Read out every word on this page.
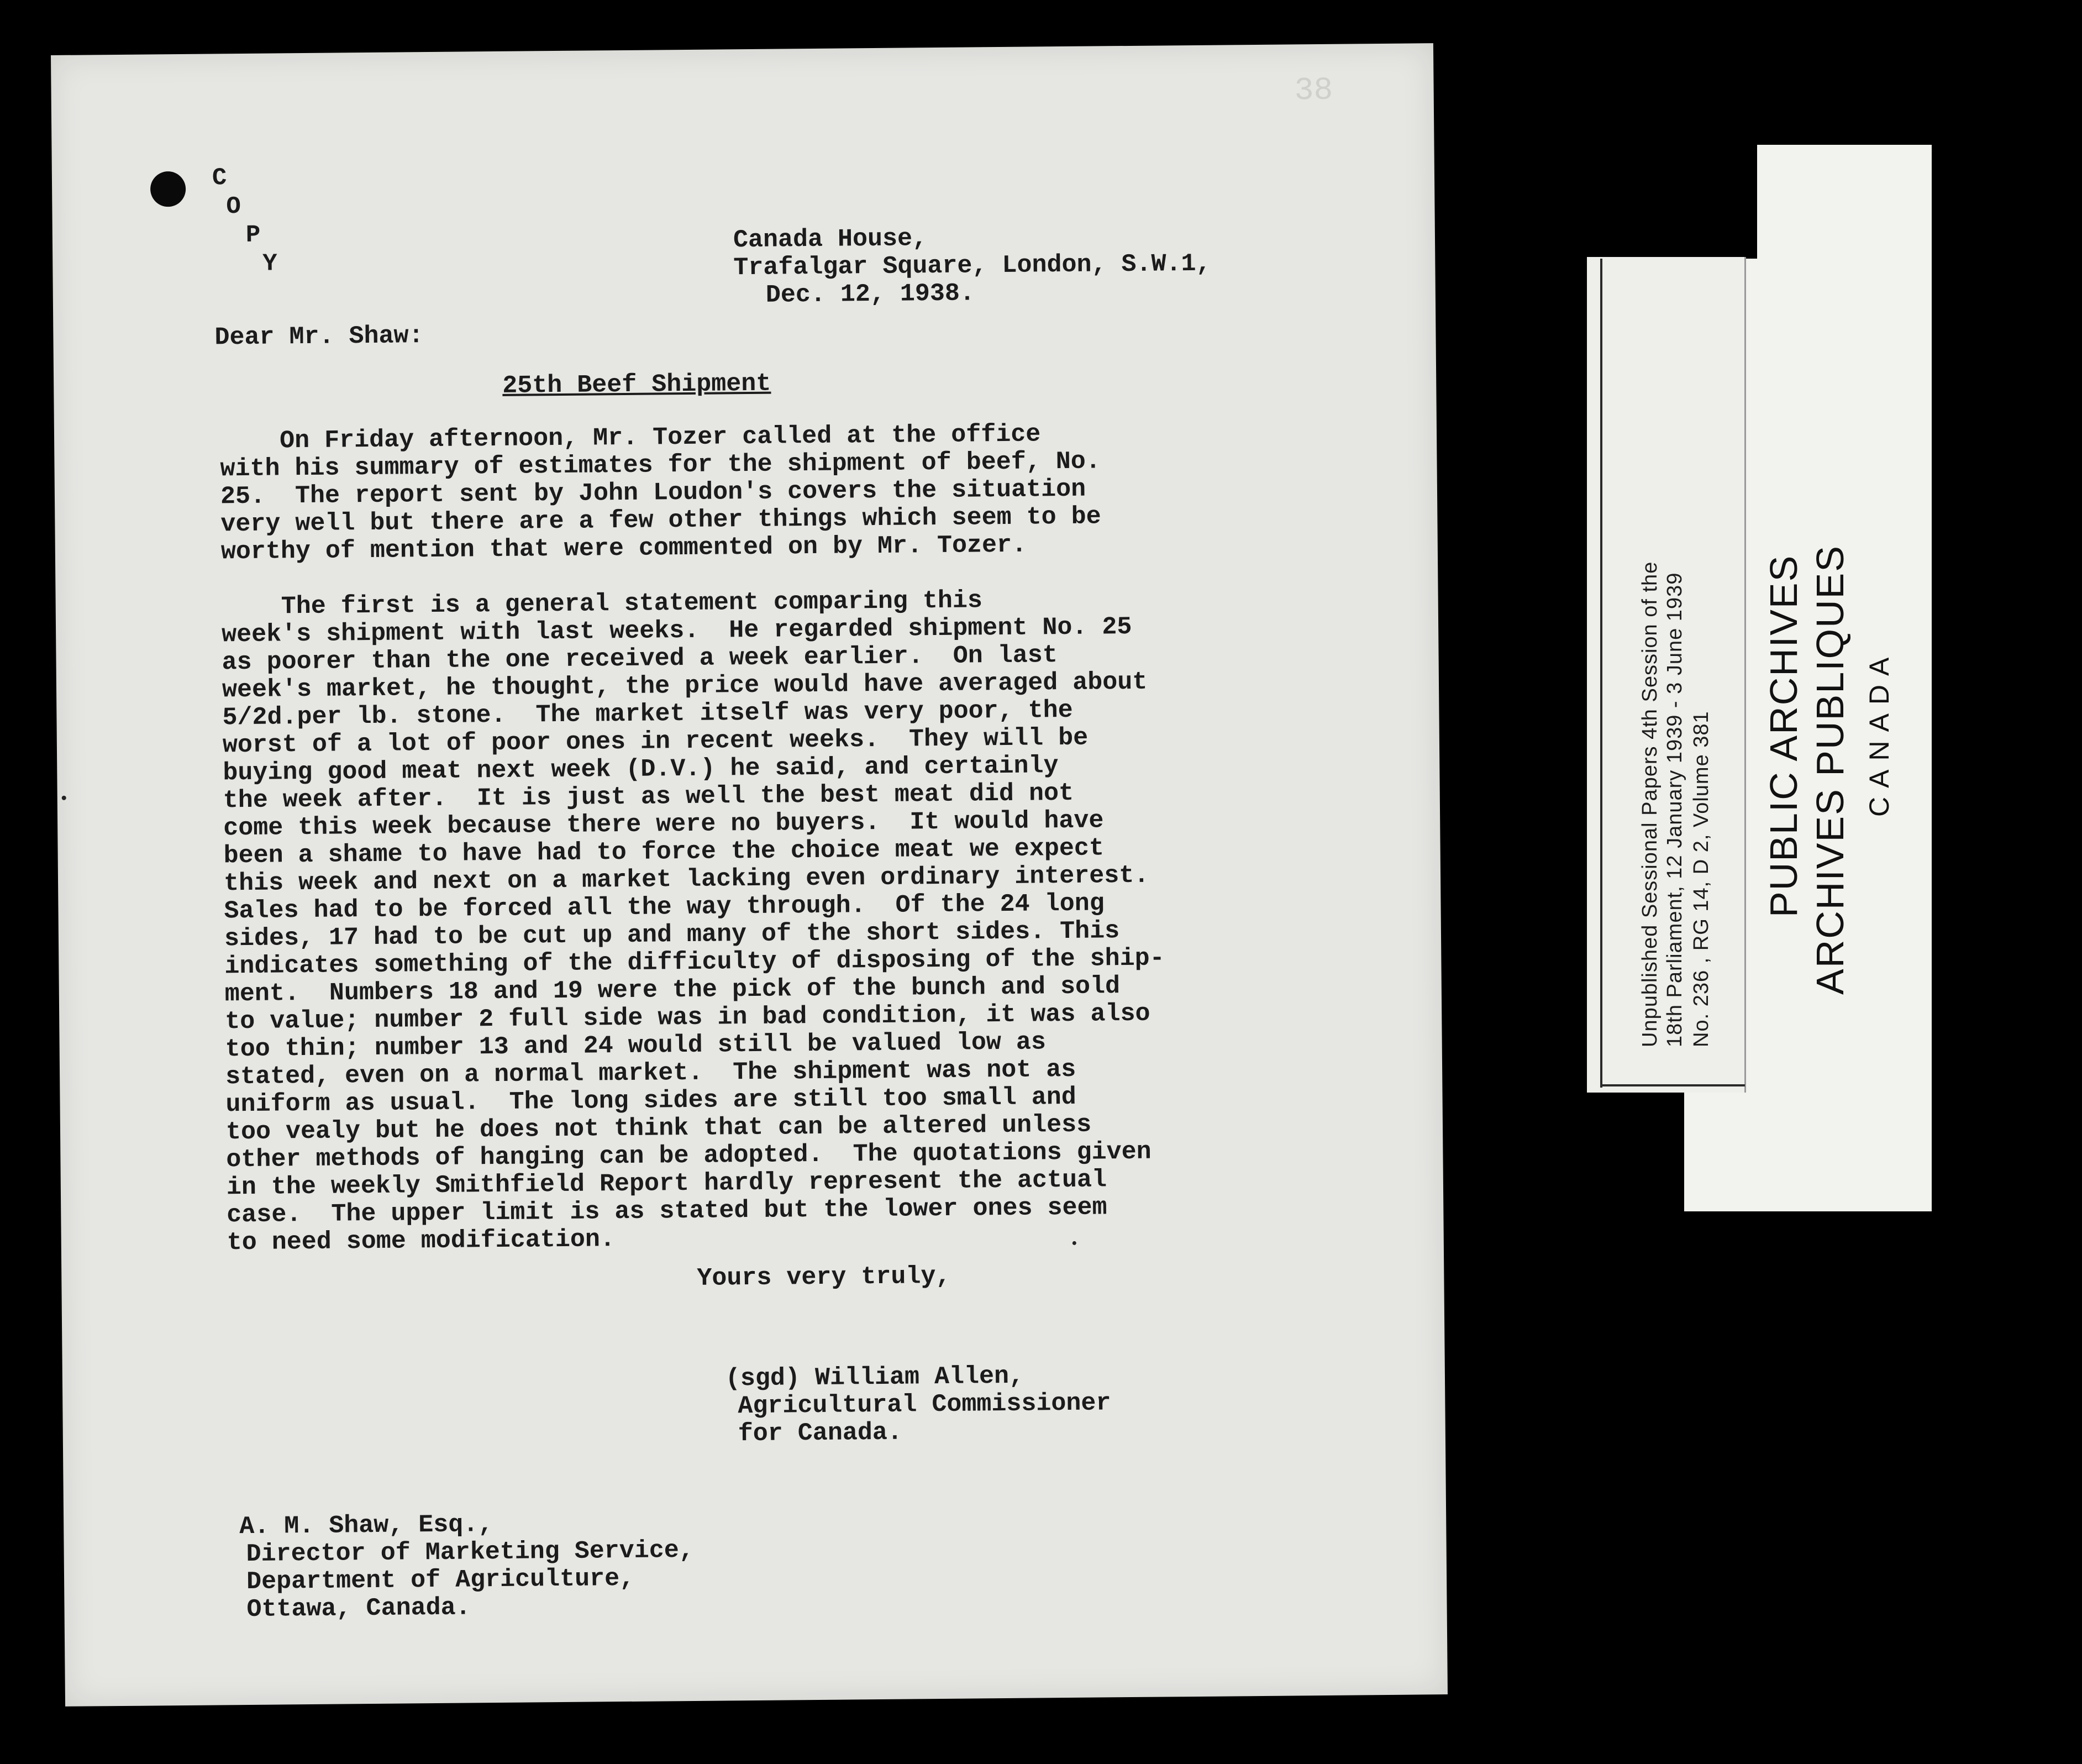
38
C
O
P
Y
Canada House,
Trafalgar Square, London, S.W.1,
Dec. 12, 1938.
Dear Mr. Shaw:
25th Beef Shipment
On Friday afternoon, Mr. Tozer called at the office
with his summary of estimates for the shipment of beef, No.
25.  The report sent by John Loudon's covers the situation
very well but there are a few other things which seem to be
worthy of mention that were commented on by Mr. Tozer.
The first is a general statement comparing this
week's shipment with last weeks.  He regarded shipment No. 25
as poorer than the one received a week earlier.  On last
week's market, he thought, the price would have averaged about
5/2d.per lb. stone.  The market itself was very poor, the
worst of a lot of poor ones in recent weeks.  They will be
buying good meat next week (D.V.) he said, and certainly
the week after.  It is just as well the best meat did not
come this week because there were no buyers.  It would have
been a shame to have had to force the choice meat we expect
this week and next on a market lacking even ordinary interest.
Sales had to be forced all the way through.  Of the 24 long
sides, 17 had to be cut up and many of the short sides. This
indicates something of the difficulty of disposing of the ship-
ment.  Numbers 18 and 19 were the pick of the bunch and sold
to value; number 2 full side was in bad condition, it was also
too thin; number 13 and 24 would still be valued low as
stated, even on a normal market.  The shipment was not as
uniform as usual.  The long sides are still too small and
too vealy but he does not think that can be altered unless
other methods of hanging can be adopted.  The quotations given
in the weekly Smithfield Report hardly represent the actual
case.  The upper limit is as stated but the lower ones seem
to need some modification.
Yours very truly,
(sgd) William Allen,
Agricultural Commissioner
for Canada.
A. M. Shaw, Esq.,
Director of Marketing Service,
Department of Agriculture,
Ottawa, Canada.
Unpublished Sessional Papers 4th Session of the 18th Parliament, 12 January 1939 - 3 June 1939 No. 236 , RG 14, D 2, Volume 381 PUBLIC ARCHIVES ARCHIVES PUBLIQUES CANADA
